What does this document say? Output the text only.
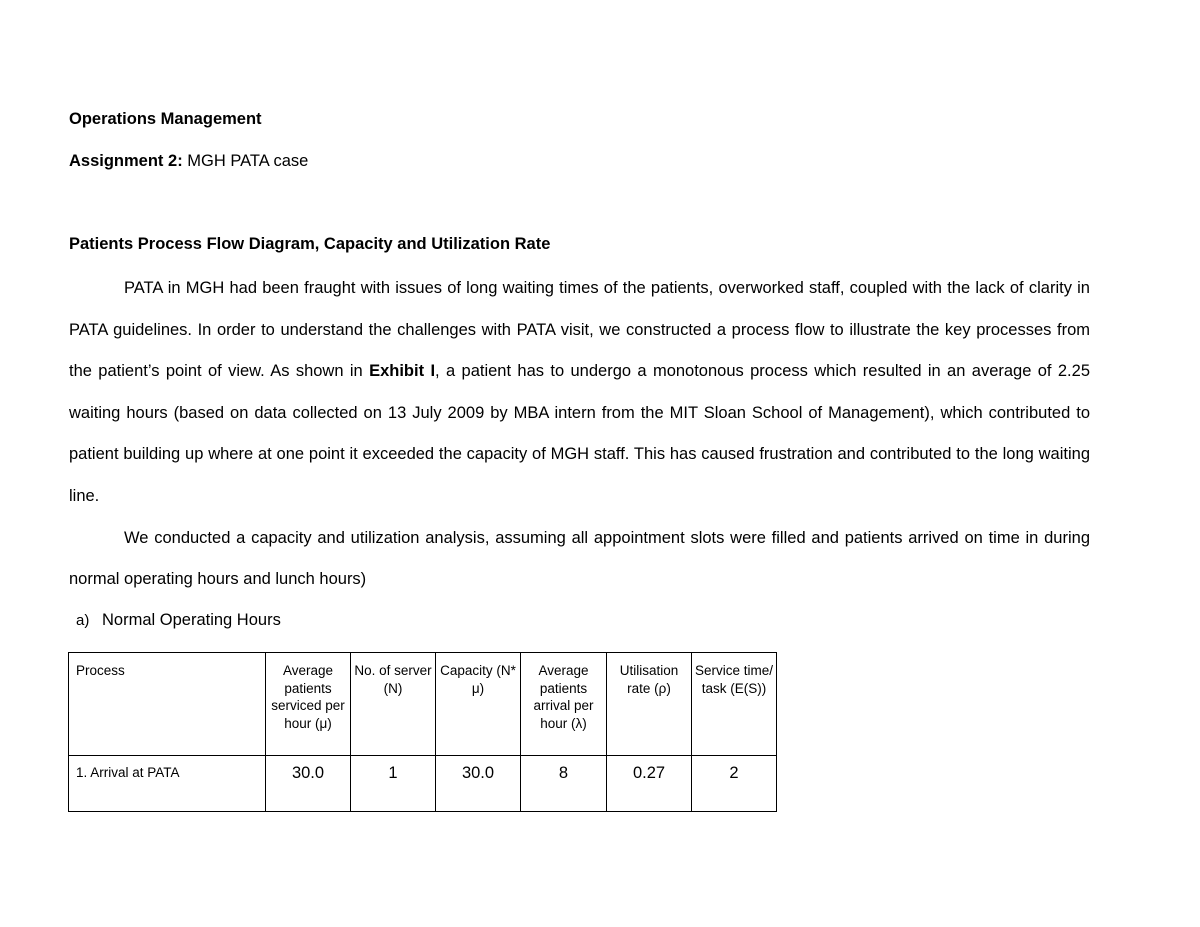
Operations Management
Assignment 2: MGH PATA case
Patients Process Flow Diagram, Capacity and Utilization Rate

PATA in MGH had been fraught with issues of long waiting times of the patients, overworked staff, coupled with the lack of clarity in PATA guidelines. In order to understand the challenges with PATA visit, we constructed a process flow to illustrate the key processes from the patient’s point of view. As shown in Exhibit I, a patient has to undergo a monotonous process which resulted in an average of 2.25 waiting hours (based on data collected on 13 July 2009 by MBA intern from the MIT Sloan School of Management), which contributed to patient building up where at one point it exceeded the capacity of MGH staff. This has caused frustration and contributed to the long waiting line.

We conducted a capacity and utilization analysis, assuming all appointment slots were filled and patients arrived on time in during normal operating hours and lunch hours)

a) Normal Operating Hours
Process	Average patients serviced per hour (μ)	No. of server (N)	Capacity (N* μ)	Average patients arrival per hour (λ)	Utilisation rate (ρ)	Service time/ task (E(S))
1. Arrival at PATA	30.0	1	30.0	8	0.27	2
